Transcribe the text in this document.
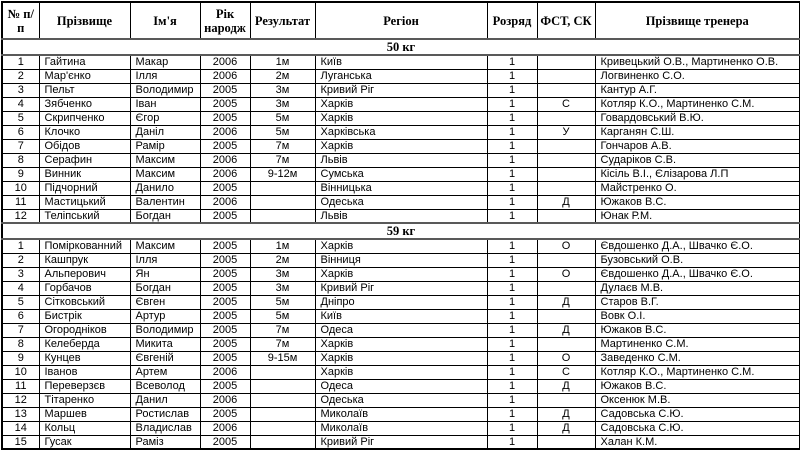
№ п/п	Прізвище	Ім'я	Рік народж	Результат	Регіон	Розряд	ФСТ, СК	Прізвище тренера
50 кг								
1	Гайтина	Макар	2006	1м	Київ	1		Кривецький О.В., Мартиненко О.В.
2	Мар'єнко	Ілля	2006	2м	Луганська	1		Логвиненко С.О.
3	Пельт	Володимир	2005	3м	Кривий Ріг	1		Кантур А.Г.
4	Зябченко	Іван	2005	3м	Харків	1	С	Котляр К.О., Мартиненко С.М.
5	Скрипченко	Єгор	2005	5м	Харків	1		Говардовський В.Ю.
6	Клочко	Даніл	2006	5м	Харківська	1	У	Карганян С.Ш.
7	Обідов	Рамір	2005	7м	Харків	1		Гончаров А.В.
8	Серафин	Максим	2006	7м	Львів	1		Сударіков С.В.
9	Винник	Максим	2006	9-12м	Сумська	1		Кісіль В.І., Єлізарова Л.П
10	Підчорний	Данило	2005		Вінницька	1		Майстренко О.
11	Мастицький	Валентин	2006		Одеська	1	Д	Южаков В.С.
12	Теліпський	Богдан	2005		Львів	1		Юнак Р.М.
59 кг								
1	Поміркованний	Максим	2005	1м	Харків	1	О	Євдошенко Д.А., Швачко Є.О.
2	Кашпрук	Ілля	2005	2м	Вінниця	1		Бузовський О.В.
3	Альперович	Ян	2005	3м	Харків	1	О	Євдошенко Д.А., Швачко Є.О.
4	Горбачов	Богдан	2005	3м	Кривий Ріг	1		Дулаєв М.В.
5	Сітковський	Євген	2005	5м	Дніпро	1	Д	Старов В.Г.
6	Бистрік	Артур	2005	5м	Київ	1		Вовк О.І.
7	Огородніков	Володимир	2005	7м	Одеса	1	Д	Южаков В.С.
8	Келеберда	Микита	2005	7м	Харків	1		Мартиненко С.М.
9	Кунцев	Євгеній	2005	9-15м	Харків	1	О	Заведенко С.М.
10	Іванов	Артем	2006		Харків	1	С	Котляр К.О., Мартиненко С.М.
11	Переверзєв	Всеволод	2005		Одеса	1	Д	Южаков В.С.
12	Тітаренко	Данил	2006		Одеська	1		Оксенюк М.В.
13	Маршев	Ростислав	2005		Миколаїв	1	Д	Садовська С.Ю.
14	Кольц	Владислав	2006		Миколаїв	1	Д	Садовська С.Ю.
15	Гусак	Раміз	2005		Кривий Ріг	1		Халан К.М.
